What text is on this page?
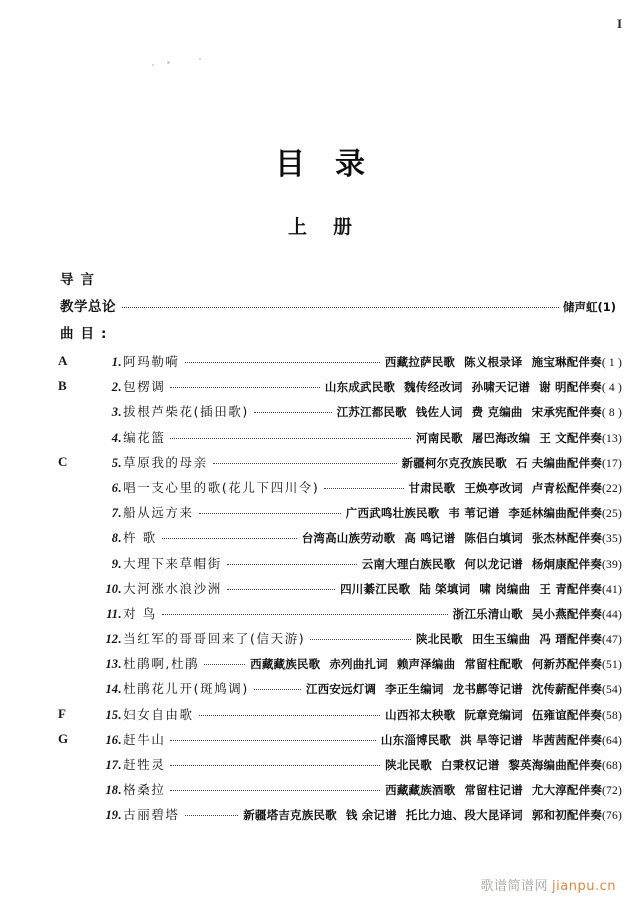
I
目录
上册
导言
教学总论	储声虹(1)
曲目:
A	1 . 阿玛勒嗬	西藏拉萨民歌 陈义根录译 施宝琳配伴奏( 1 )
B	2 . 包楞调	山东成武民歌 魏传经改词 孙啸天记谱 谢 明配伴奏( 4 )
3 . 拔根芦柴花(插田歌)	江苏江都民歌 钱佐人词 费 克编曲 宋承宪配伴奏( 8 )
4 . 编花篮	河南民歌 屠巴海改编 王 文配伴奏(13)
C	5 . 草原我的母亲	新疆柯尔克孜族民歌 石 夫编曲配伴奏(17)
6 . 唱一支心里的歌(花儿下四川令)	甘肃民歌 王焕亭改词 卢青松配伴奏(22)
7 . 船从远方来	广西武鸣壮族民歌 韦 苇记谱 李延林编曲配伴奏(25)
8 . 杵 歌	台湾高山族劳动歌 高 鸣记谱 陈侣白填词 张杰林配伴奏(35)
9 . 大理下来草帽街	云南大理白族民歌 何以龙记谱 杨炯康配伴奏(39)
10 . 大河涨水浪沙洲	四川綦江民歌 陆 棨填词 啸 岗编曲 王 青配伴奏(41)
11 . 对 鸟	浙江乐清山歌 吴小燕配伴奏(44)
12 . 当红军的哥哥回来了(信天游)	陕北民歌 田生玉编曲 冯 瑨配伴奏(47)
13 . 杜鹃啊,杜鹃	西藏藏族民歌 赤列曲扎词 赖声泽编曲 常留柱配歌 何新苏配伴奏(51)
14 . 杜鹃花儿开(斑鸠调)	江西安远灯调 李正生编词 龙书鄜等记谱 沈传薪配伴奏(54)
F	15 . 妇女自由歌	山西祁太秧歌 阮章竞编词 伍雍谊配伴奏(58)
G	16 . 赶牛山	山东淄博民歌 洪 旱等记谱 毕茜茜配伴奏(64)
17 . 赶牲灵	陕北民歌 白秉权记谱 黎英海编曲配伴奏(68)
18 . 格桑拉	西藏藏族酒歌 常留柱记谱 尤大淳配伴奏(72)
19 . 古丽碧塔	新疆塔吉克族民歌 钱 余记谱 托比力迪、段大昆译词 郭和初配伴奏(76)
歌谱简谱网 jianpu.cn
